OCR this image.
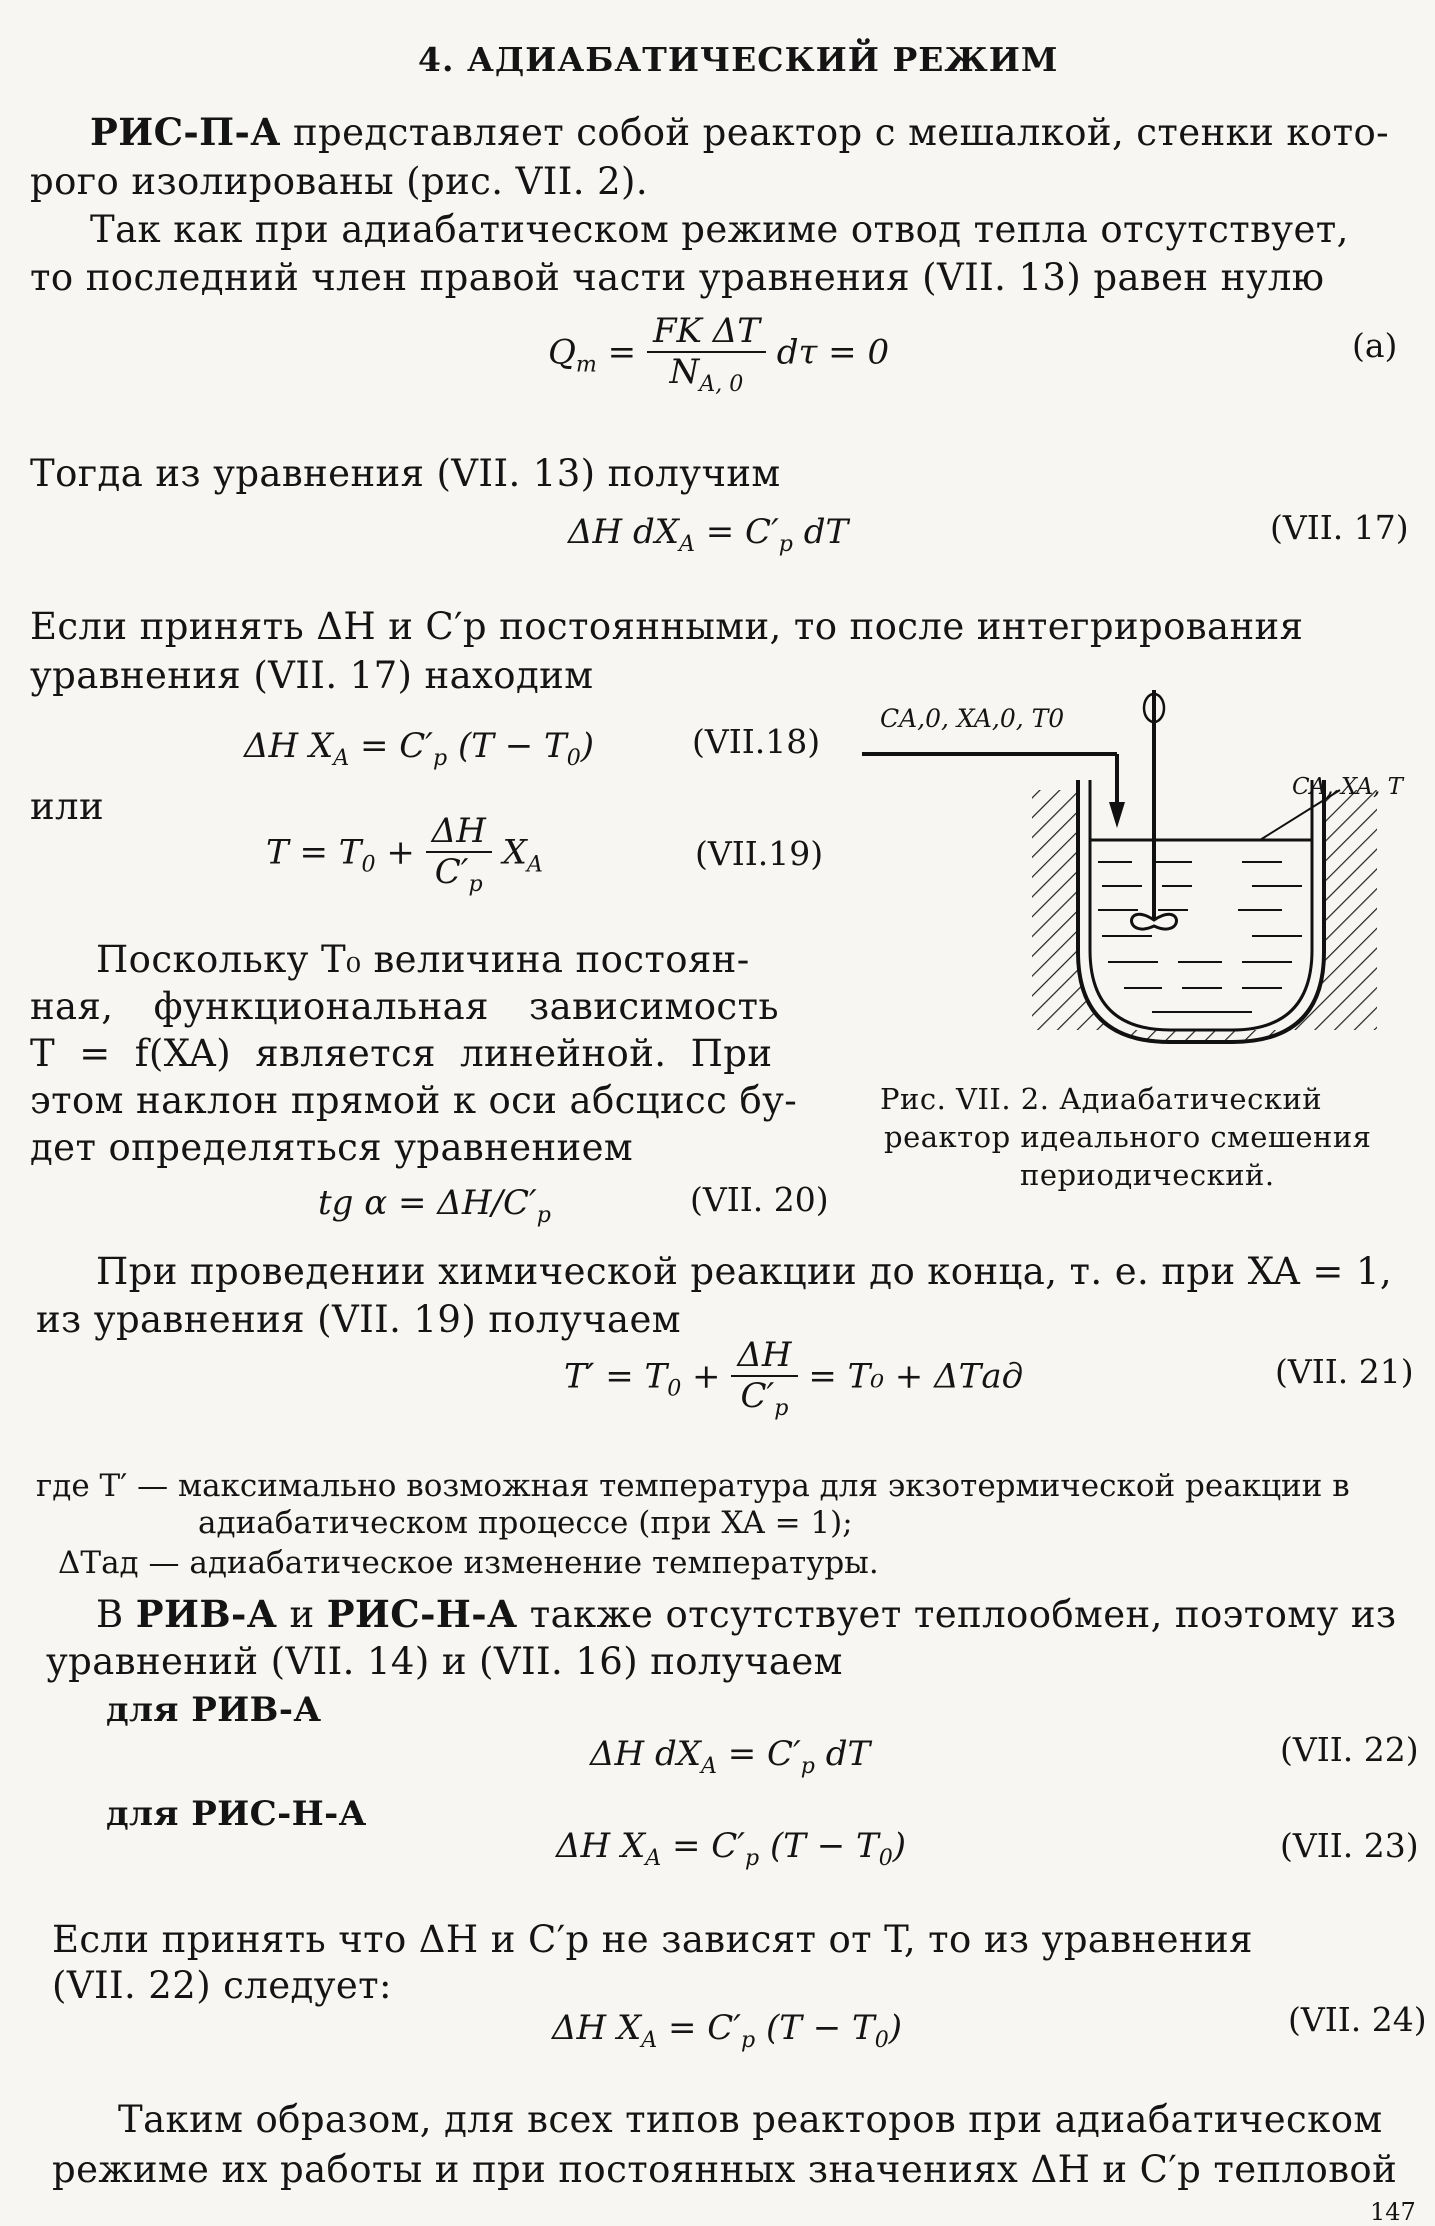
4. АДИАБАТИЧЕСКИЙ РЕЖИМ
РИС-П-А представляет собой реактор с мешалкой, стенки кото-
рого изолированы (рис. VII. 2).
Так как при адиабатическом режиме отвод тепла отсутствует,
то последний член правой части уравнения (VII. 13) равен нулю
$Q_т = \frac{\text{FK ΔT}}{N_{A, 0}}$ dτ = 0	(a)
Тогда из уравнения (VII. 13) получим
ΔH $dX_A = C'_p$ dT	(VII. 17)
Если принять ΔH и C′p постоянными, то после интегрирования
уравнения (VII. 17) находим
ΔH $X_A = C'_p$ $(T - T_0)$	(VII.18)
или
$T = T_0 + \frac{\Delta H}{C'_p} X_A$	(VII.19)
Поскольку T₀ величина постоян-
ная, функциональная зависимость
T = f(XA) является линейной. При
этом наклон прямой к оси абсцисс бу-
дет определяться уравнением
tg $\alpha = \Delta H/C'_p$	(VII. 20)
CA,0, XA,0, T0
CA, XA, T
Рис. VII. 2. Адиабатический
реактор идеального смешения
периодический.
При проведении химической реакции до конца, т. е. при XA = 1,
из уравнения (VII. 19) получаем
$T' = T_0 + \frac{\Delta H}{C'_p} = T_0 + \Delta Tад$	(VII. 21)
где T′ — максимально возможная температура для экзотермической реакции в
адиабатическом процессе (при XA = 1);
ΔTад — адиабатическое изменение температуры.
В РИВ-А и РИС-Н-А также отсутствует теплообмен, поэтому из
уравнений (VII. 14) и (VII. 16) получаем
для РИВ-А
ΔH $dX_A = C'_p$ dT	(VII. 22)
для РИС-Н-А
ΔH $X_A = C'_p$ $(T - T_0)$	(VII. 23)
Если принять что ΔH и C′p не зависят от T, то из уравнения
(VII. 22) следует:
ΔH $X_A = C'_p$ $(T - T_0)$	(VII. 24)
Таким образом, для всех типов реакторов при адиабатическом
режиме их работы и при постоянных значениях ΔH и C′p тепловой
147
